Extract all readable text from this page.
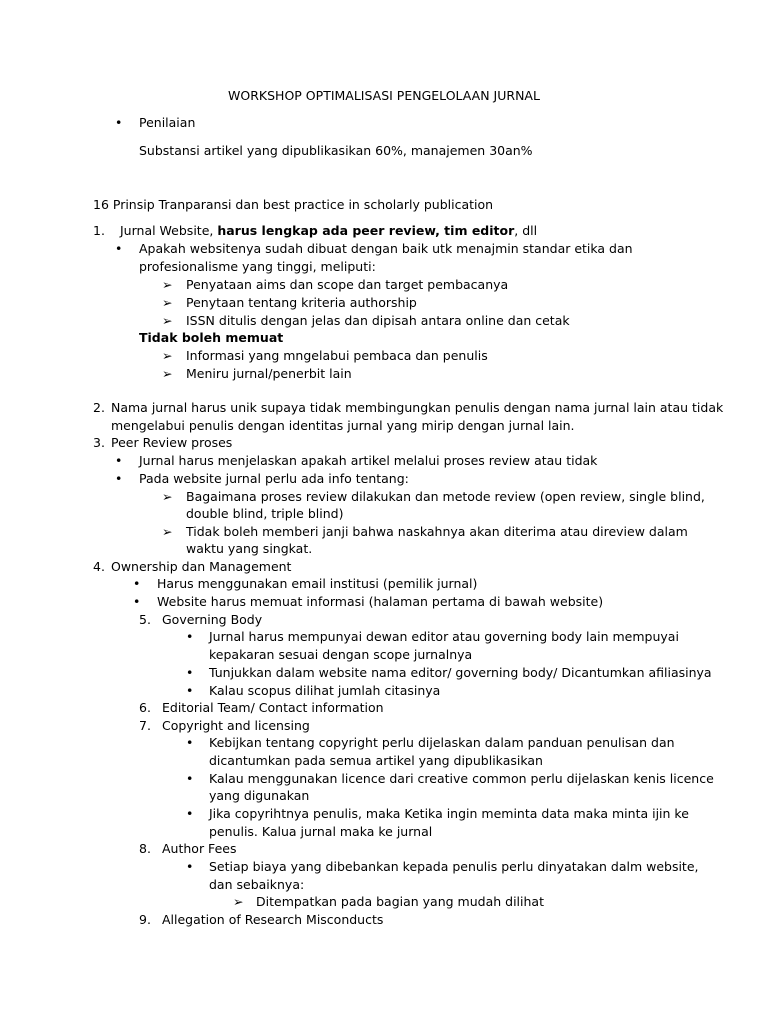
WORKSHOP OPTIMALISASI PENGELOLAAN JURNAL
• Penilaian
Substansi artikel yang dipublikasikan 60%, manajemen 30an%
16 Prinsip Tranparansi dan best practice in scholarly publication
1. Jurnal Website, harus lengkap ada peer review, tim editor, dll
• Apakah websitenya sudah dibuat dengan baik utk menajmin standar etika dan
profesionalisme yang tinggi, meliputi:
➢ Penyataan aims dan scope dan target pembacanya
➢ Penytaan tentang kriteria authorship
➢ ISSN ditulis dengan jelas dan dipisah antara online dan cetak
Tidak boleh memuat
➢ Informasi yang mngelabui pembaca dan penulis
➢ Meniru jurnal/penerbit lain
2. Nama jurnal harus unik supaya tidak membingungkan penulis dengan nama jurnal lain atau tidak
mengelabui penulis dengan identitas jurnal yang mirip dengan jurnal lain.
3. Peer Review proses
• Jurnal harus menjelaskan apakah artikel melalui proses review atau tidak
• Pada website jurnal perlu ada info tentang:
➢ Bagaimana proses review dilakukan dan metode review (open review, single blind,
double blind, triple blind)
➢ Tidak boleh memberi janji bahwa naskahnya akan diterima atau direview dalam
waktu yang singkat.
4. Ownership dan Management
• Harus menggunakan email institusi (pemilik jurnal)
• Website harus memuat informasi (halaman pertama di bawah website)
5. Governing Body
• Jurnal harus mempunyai dewan editor atau governing body lain mempuyai
kepakaran sesuai dengan scope jurnalnya
• Tunjukkan dalam website nama editor/ governing body/ Dicantumkan afiliasinya
• Kalau scopus dilihat jumlah citasinya
6. Editorial Team/ Contact information
7. Copyright and licensing
• Kebijkan tentang copyright perlu dijelaskan dalam panduan penulisan dan
dicantumkan pada semua artikel yang dipublikasikan
• Kalau menggunakan licence dari creative common perlu dijelaskan kenis licence
yang digunakan
• Jika copyrihtnya penulis, maka Ketika ingin meminta data maka minta ijin ke
penulis. Kalua jurnal maka ke jurnal
8. Author Fees
• Setiap biaya yang dibebankan kepada penulis perlu dinyatakan dalm website,
dan sebaiknya:
➢ Ditempatkan pada bagian yang mudah dilihat
9. Allegation of Research Misconducts
